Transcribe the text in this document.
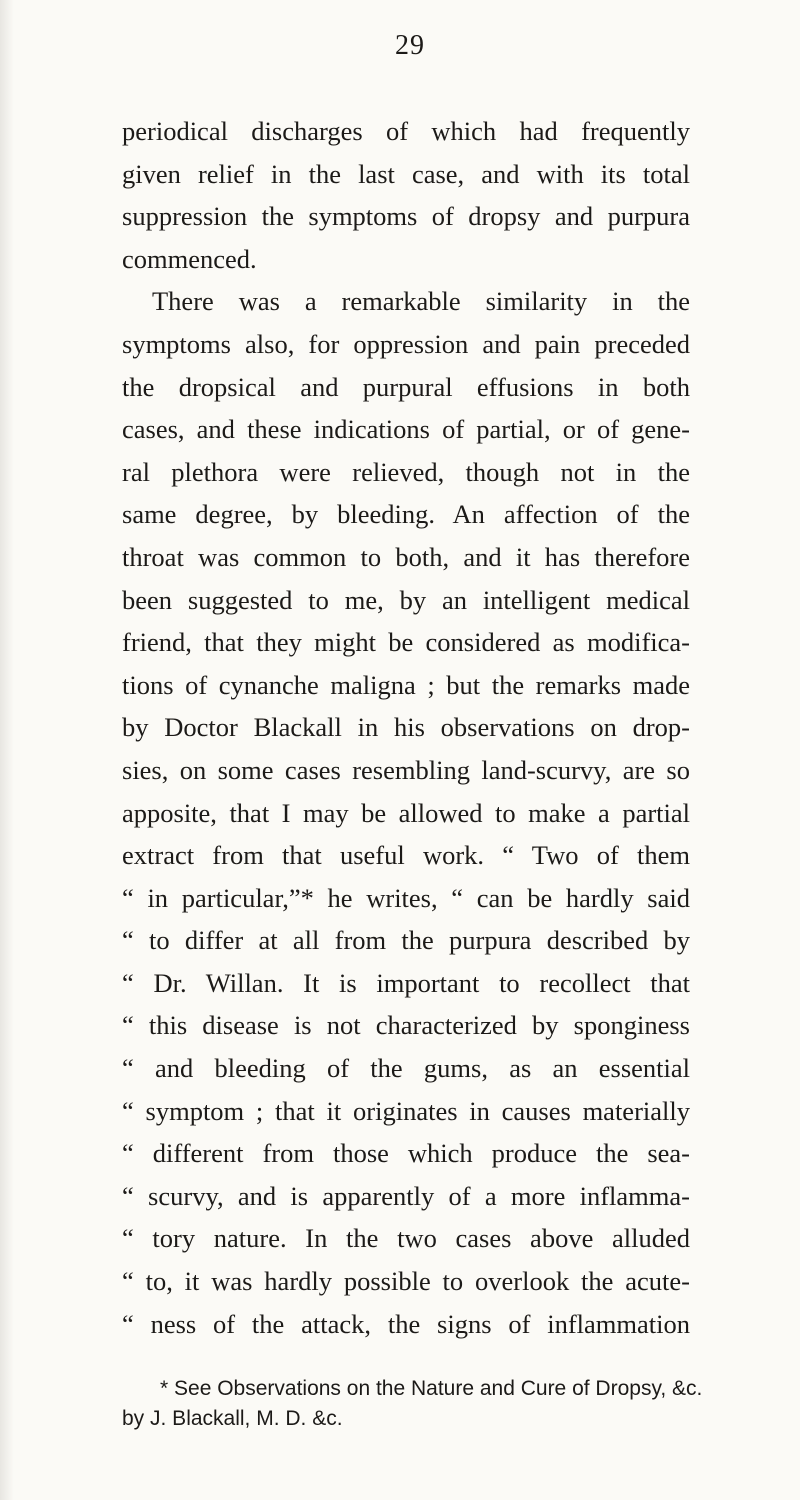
29
periodical discharges of which had frequently
given relief in the last case, and with its total
suppression the symptoms of dropsy and purpura
commenced.
There was a remarkable similarity in the
symptoms also, for oppression and pain preceded
the dropsical and purpural effusions in both
cases, and these indications of partial, or of gene-
ral plethora were relieved, though not in the
same degree, by bleeding. An affection of the
throat was common to both, and it has therefore
been suggested to me, by an intelligent medical
friend, that they might be considered as modifica-
tions of cynanche maligna ; but the remarks made
by Doctor Blackall in his observations on drop-
sies, on some cases resembling land-scurvy, are so
apposite, that I may be allowed to make a partial
extract from that useful work. “ Two of them
“ in particular,”* he writes, “ can be hardly said
“ to differ at all from the purpura described by
“ Dr. Willan. It is important to recollect that
“ this disease is not characterized by sponginess
“ and bleeding of the gums, as an essential
“ symptom ; that it originates in causes materially
“ different from those which produce the sea-
“ scurvy, and is apparently of a more inflamma-
“ tory nature. In the two cases above alluded
“ to, it was hardly possible to overlook the acute-
“ ness of the attack, the signs of inflammation
* See Observations on the Nature and Cure of Dropsy, &c.
by J. Blackall, M. D. &c.
